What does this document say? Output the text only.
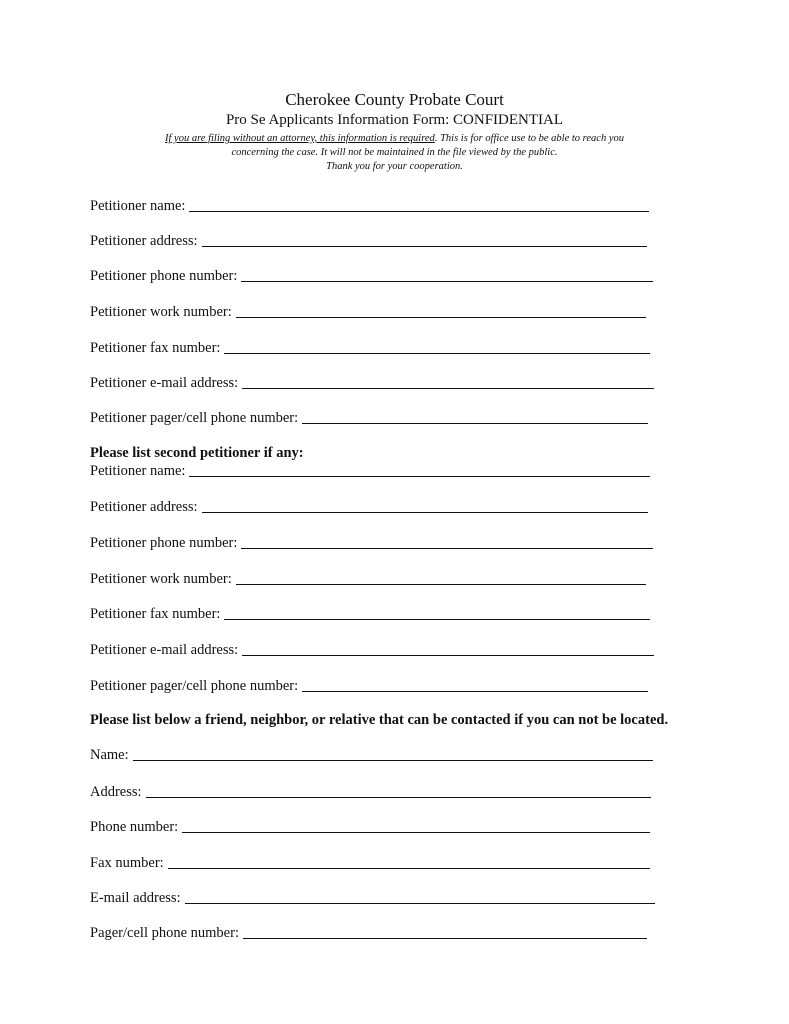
Cherokee County Probate Court
Pro Se Applicants Information Form: CONFIDENTIAL
If you are filing without an attorney, this information is required. This is for office use to be able to reach you
concerning the case. It will not be maintained in the file viewed by the public.
Thank you for your cooperation.
Petitioner name:
Petitioner address:
Petitioner phone number:
Petitioner work number:
Petitioner fax number:
Petitioner e-mail address:
Petitioner pager/cell phone number:
Please list second petitioner if any:
Petitioner name:
Petitioner address:
Petitioner phone number:
Petitioner work number:
Petitioner fax number:
Petitioner e-mail address:
Petitioner pager/cell phone number:
Please list below a friend, neighbor, or relative that can be contacted if you can not be located.
Name:
Address:
Phone number:
Fax number:
E-mail address:
Pager/cell phone number:
